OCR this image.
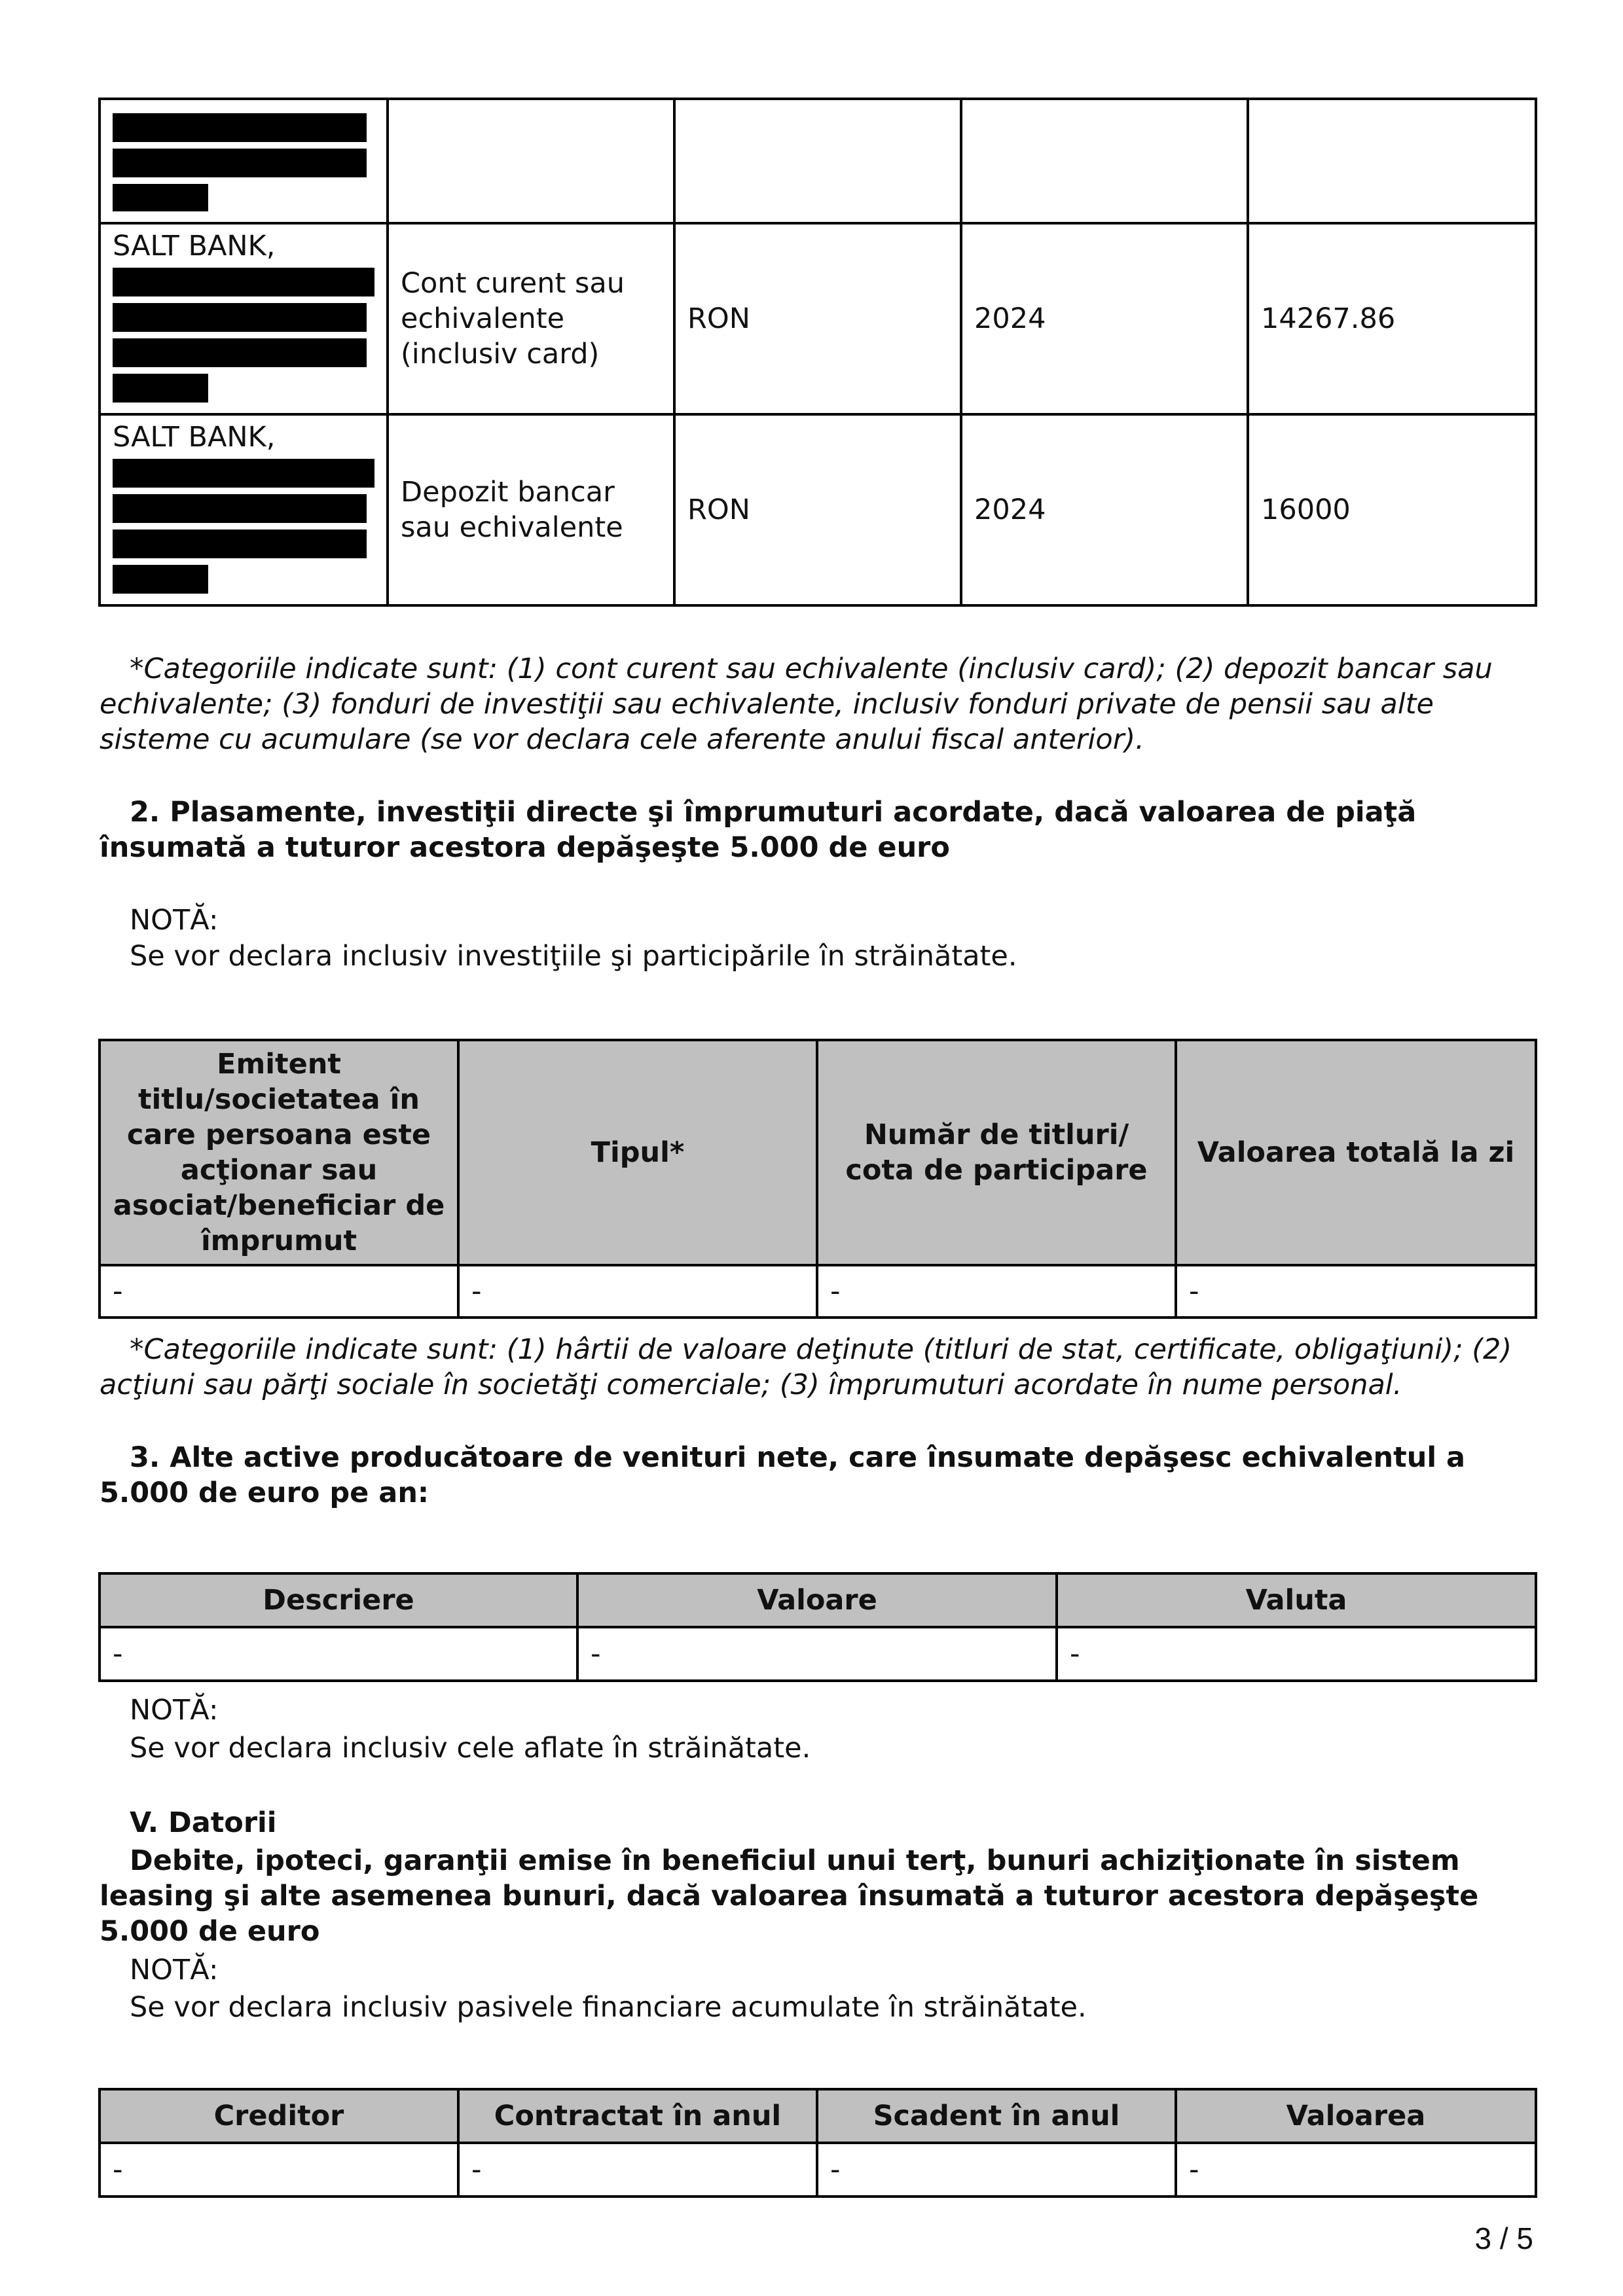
SALT BANK,	Cont curent sau echivalente (inclusiv card)	RON	2024	14267.86

SALT BANK,	Depozit bancar sau echivalente	RON	2024	16000

*Categoriile indicate sunt: (1) cont curent sau echivalente (inclusiv card); (2) depozit bancar sau echivalente; (3) fonduri de investiţii sau echivalente, inclusiv fonduri private de pensii sau alte sisteme cu acumulare (se vor declara cele aferente anului fiscal anterior).

2. Plasamente, investiţii directe şi împrumuturi acordate, dacă valoarea de piaţă însumată a tuturor acestora depăşeşte 5.000 de euro

NOTĂ:

Se vor declara inclusiv investiţiile şi participările în străinătate.

Emitent titlu/societatea în care persoana este acţionar sau asociat/beneficiar de împrumut	Tipul*	Număr de titluri/ cota de participare	Valoarea totală la zi
-	-	-	-

*Categoriile indicate sunt: (1) hârtii de valoare deţinute (titluri de stat, certificate, obligaţiuni); (2) acţiuni sau părţi sociale în societăţi comerciale; (3) împrumuturi acordate în nume personal.

3. Alte active producătoare de venituri nete, care însumate depăşesc echivalentul a 5.000 de euro pe an:

Descriere	Valoare	Valuta
-	-	-

NOTĂ:

Se vor declara inclusiv cele aflate în străinătate.

V. Datorii

Debite, ipoteci, garanţii emise în beneficiul unui terţ, bunuri achiziţionate în sistem leasing şi alte asemenea bunuri, dacă valoarea însumată a tuturor acestora depăşeşte 5.000 de euro

NOTĂ:

Se vor declara inclusiv pasivele financiare acumulate în străinătate.

Creditor	Contractat în anul	Scadent în anul	Valoarea
-	-	-	-
3 / 5
